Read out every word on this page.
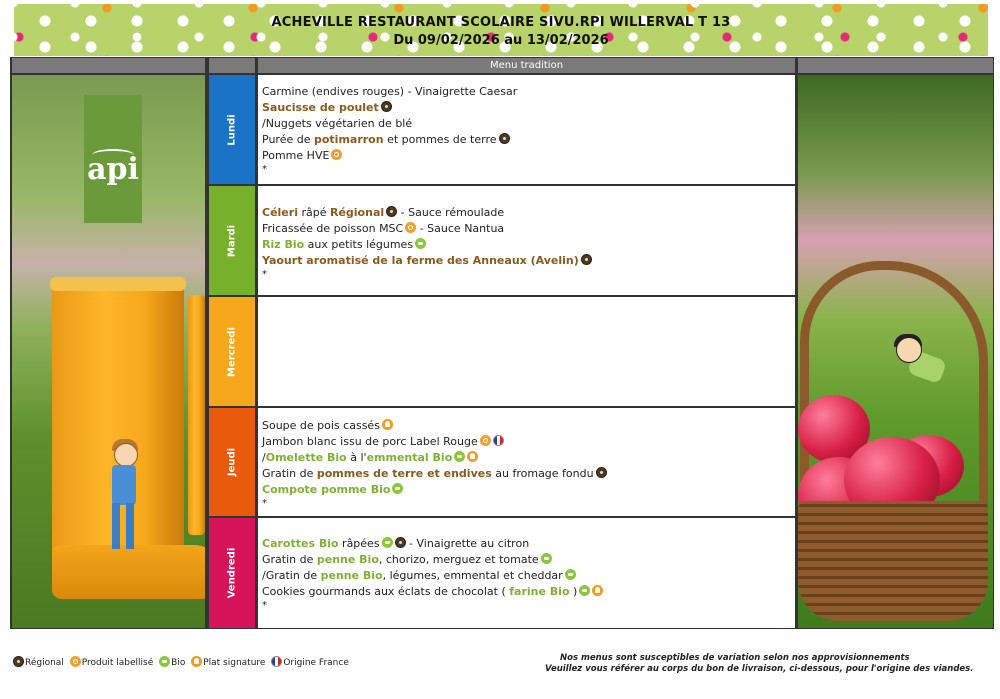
ACHEVILLE RESTAURANT SCOLAIRE SIVU.RPI WILLERVAL T 13
Du 09/02/2026 au 13/02/2026
Menu tradition
api
Lundi
Mardi
Mercredi
Jeudi
Vendredi
Carmine (endives rouges) - Vinaigrette Caesar
Saucisse de poulet
/Nuggets végétarien de blé
Purée de potimarron et pommes de terre
Pomme HVE
*
Céleri râpé Régional - Sauce rémoulade
Fricassée de poisson MSC - Sauce Nantua
Riz Bio aux petits légumes
Yaourt aromatisé de la ferme des Anneaux (Avelin)
*
Soupe de pois cassés
Jambon blanc issu de porc Label Rouge
/Omelette Bio à l'emmental Bio
Gratin de pommes de terre et endives au fromage fondu
Compote pomme Bio
*
Carottes Bio râpées - Vinaigrette au citron
Gratin de penne Bio, chorizo, merguez et tomate
/Gratin de penne Bio, légumes, emmental et cheddar
Cookies gourmands aux éclats de chocolat ( farine Bio )
*
Régional Produit labellisé Bio Plat signature Origine France	Nos menus sont susceptibles de variation selon nos approvisionnements
Veuillez vous référer au corps du bon de livraison, ci-dessous, pour l'origine des viandes.
